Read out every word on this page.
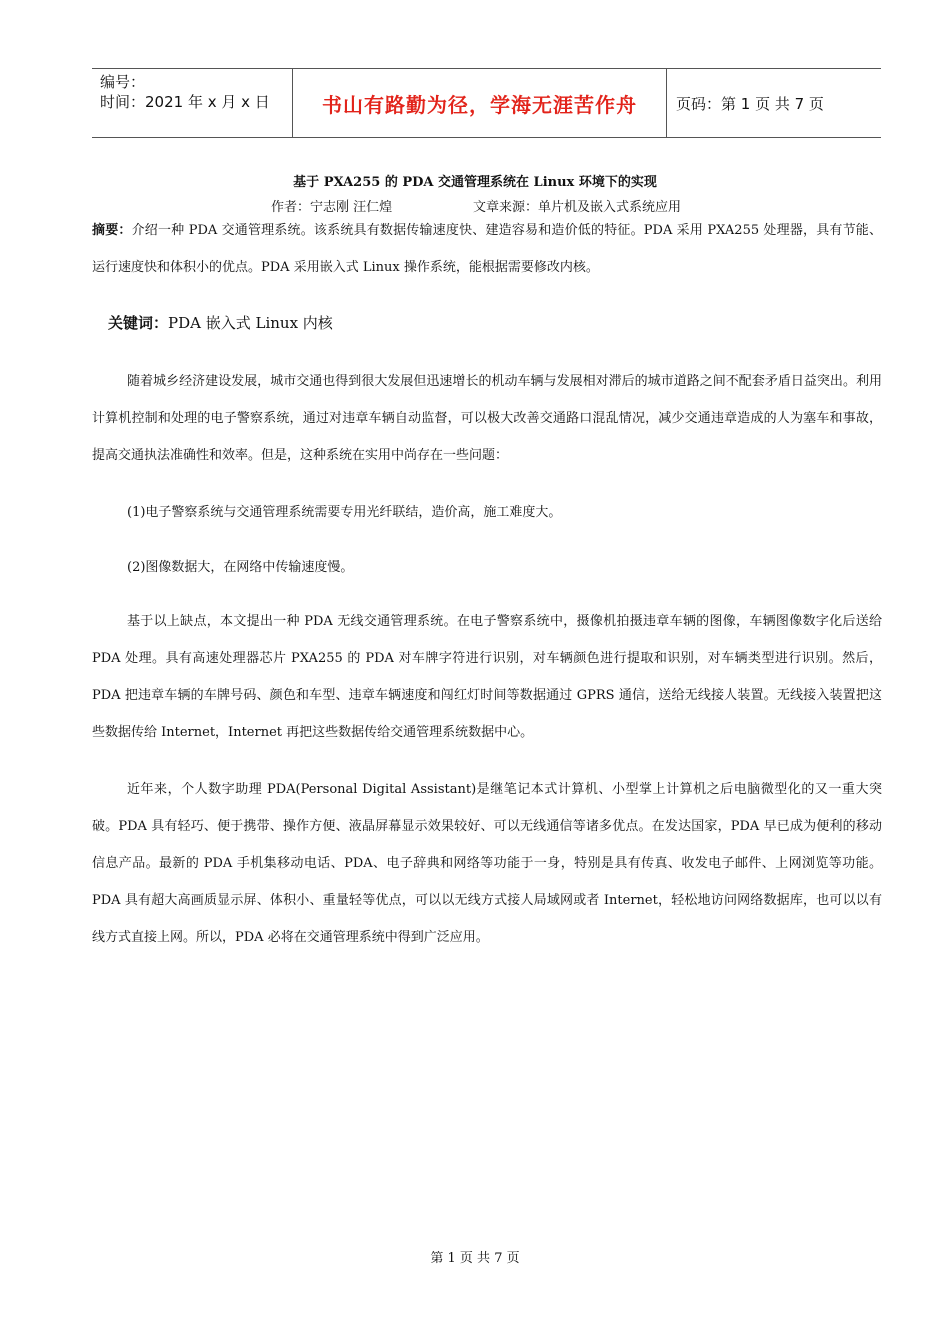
编号：
时间：2021 年 x 月 x 日	书山有路勤为径，学海无涯苦作舟	页码：第 1 页 共 7 页
基于 PXA255 的 PDA 交通管理系统在 Linux 环境下的实现
作者：宁志刚 汪仁煌	文章来源：单片机及嵌入式系统应用

摘要：介绍一种 PDA 交通管理系统。该系统具有数据传输速度快、建造容易和造价低的特征。PDA 采用 PXA255 处理器，具有节能、运行速度快和体积小的优点。PDA 采用嵌入式 Linux 操作系统，能根据需要修改内核。

关键词：PDA 嵌入式 Linux 内核

随着城乡经济建设发展，城市交通也得到很大发展但迅速增长的机动车辆与发展相对滞后的城市道路之间不配套矛盾日益突出。利用计算机控制和处理的电子警察系统，通过对违章车辆自动监督，可以极大改善交通路口混乱情况，减少交通违章造成的人为塞车和事故，提高交通执法准确性和效率。但是，这种系统在实用中尚存在一些问题：

(1)电子警察系统与交通管理系统需要专用光纤联结，造价高，施工难度大。

(2)图像数据大，在网络中传输速度慢。

基于以上缺点，本文提出一种 PDA 无线交通管理系统。在电子警察系统中，摄像机拍摄违章车辆的图像，车辆图像数字化后送给 PDA 处理。具有高速处理器芯片 PXA255 的 PDA 对车牌字符进行识别，对车辆颜色进行提取和识别，对车辆类型进行识别。然后，PDA 把违章车辆的车牌号码、颜色和车型、违章车辆速度和闯红灯时间等数据通过 GPRS 通信，送给无线接人装置。无线接入装置把这些数据传给 Internet，Internet 再把这些数据传给交通管理系统数据中心。

近年来，个人数字助理 PDA(Personal Digital Assistant)是继笔记本式计算机、小型掌上计算机之后电脑微型化的又一重大突破。PDA 具有轻巧、便于携带、操作方便、液晶屏幕显示效果较好、可以无线通信等诸多优点。在发达国家，PDA 早已成为便利的移动信息产品。最新的 PDA 手机集移动电话、PDA、电子辞典和网络等功能于一身，特别是具有传真、收发电子邮件、上网浏览等功能。PDA 具有超大高画质显示屏、体积小、重量轻等优点，可以以无线方式接人局域网或者 Internet，轻松地访问网络数据库，也可以以有线方式直接上网。所以，PDA 必将在交通管理系统中得到广泛应用。

第 1 页 共 7 页
